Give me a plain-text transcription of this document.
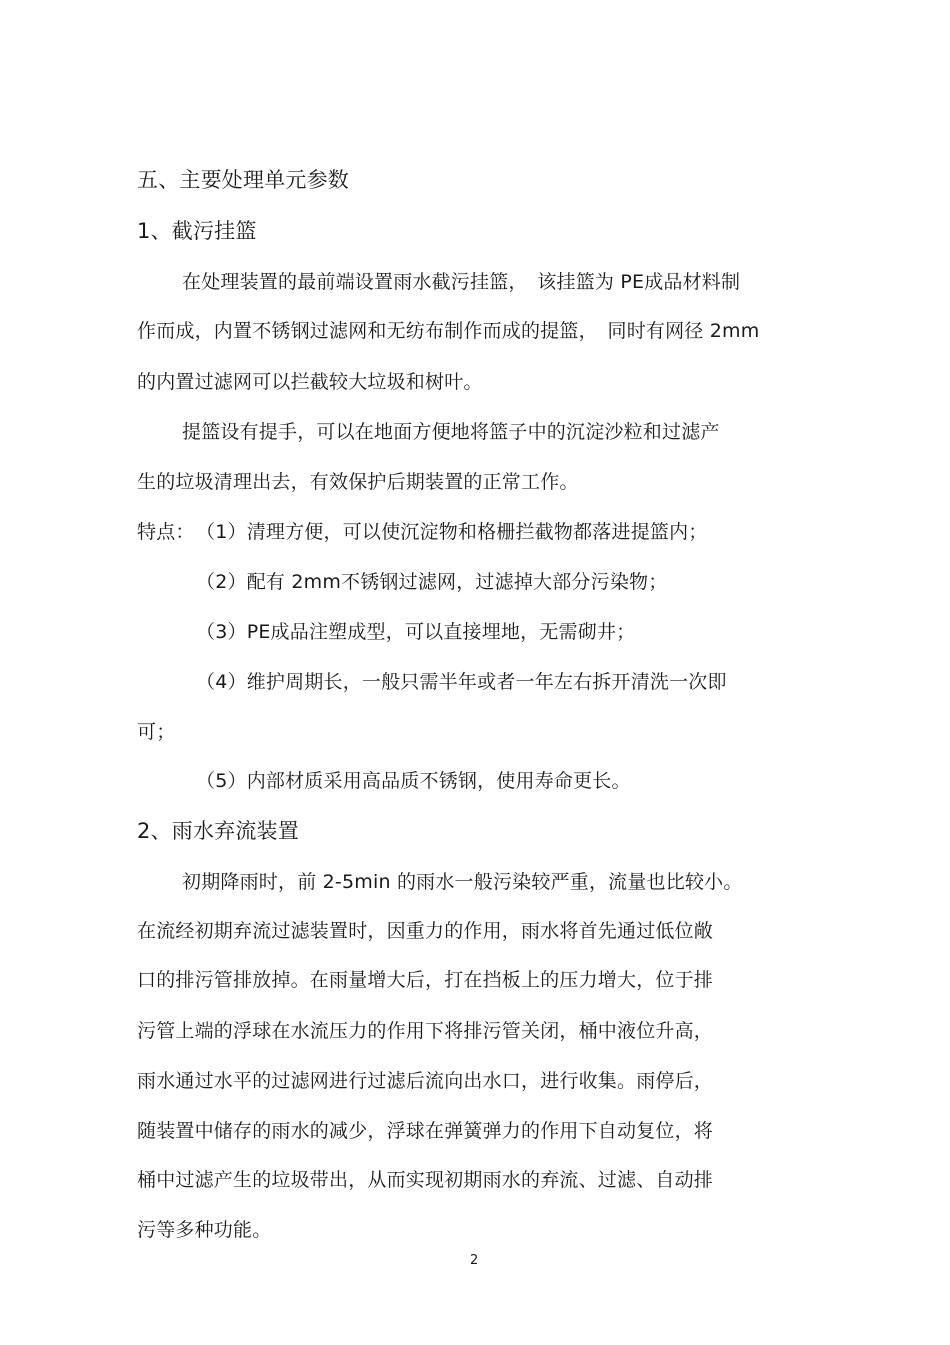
五、主要处理单元参数
1、截污挂篮
在处理装置的最前端设置雨水截污挂篮，　该挂篮为 PE成品材料制
作而成，内置不锈钢过滤网和无纺布制作而成的提篮，　同时有网径 2mm
的内置过滤网可以拦截较大垃圾和树叶。
提篮设有提手，可以在地面方便地将篮子中的沉淀沙粒和过滤产
生的垃圾清理出去，有效保护后期装置的正常工作。
特点： （1）清理方便，可以使沉淀物和格栅拦截物都落进提篮内；
（2）配有 2mm不锈钢过滤网，过滤掉大部分污染物；
（3）PE成品注塑成型，可以直接埋地，无需砌井；
（4）维护周期长，一般只需半年或者一年左右拆开清洗一次即
可；
（5）内部材质采用高品质不锈钢，使用寿命更长。
2、雨水弃流装置
初期降雨时，前 2-5min 的雨水一般污染较严重，流量也比较小。
在流经初期弃流过滤装置时，因重力的作用，雨水将首先通过低位敞
口的排污管排放掉。在雨量增大后，打在挡板上的压力增大，位于排
污管上端的浮球在水流压力的作用下将排污管关闭，桶中液位升高，
雨水通过水平的过滤网进行过滤后流向出水口，进行收集。雨停后，
随装置中储存的雨水的减少，浮球在弹簧弹力的作用下自动复位，将
桶中过滤产生的垃圾带出，从而实现初期雨水的弃流、过滤、自动排
污等多种功能。
2
